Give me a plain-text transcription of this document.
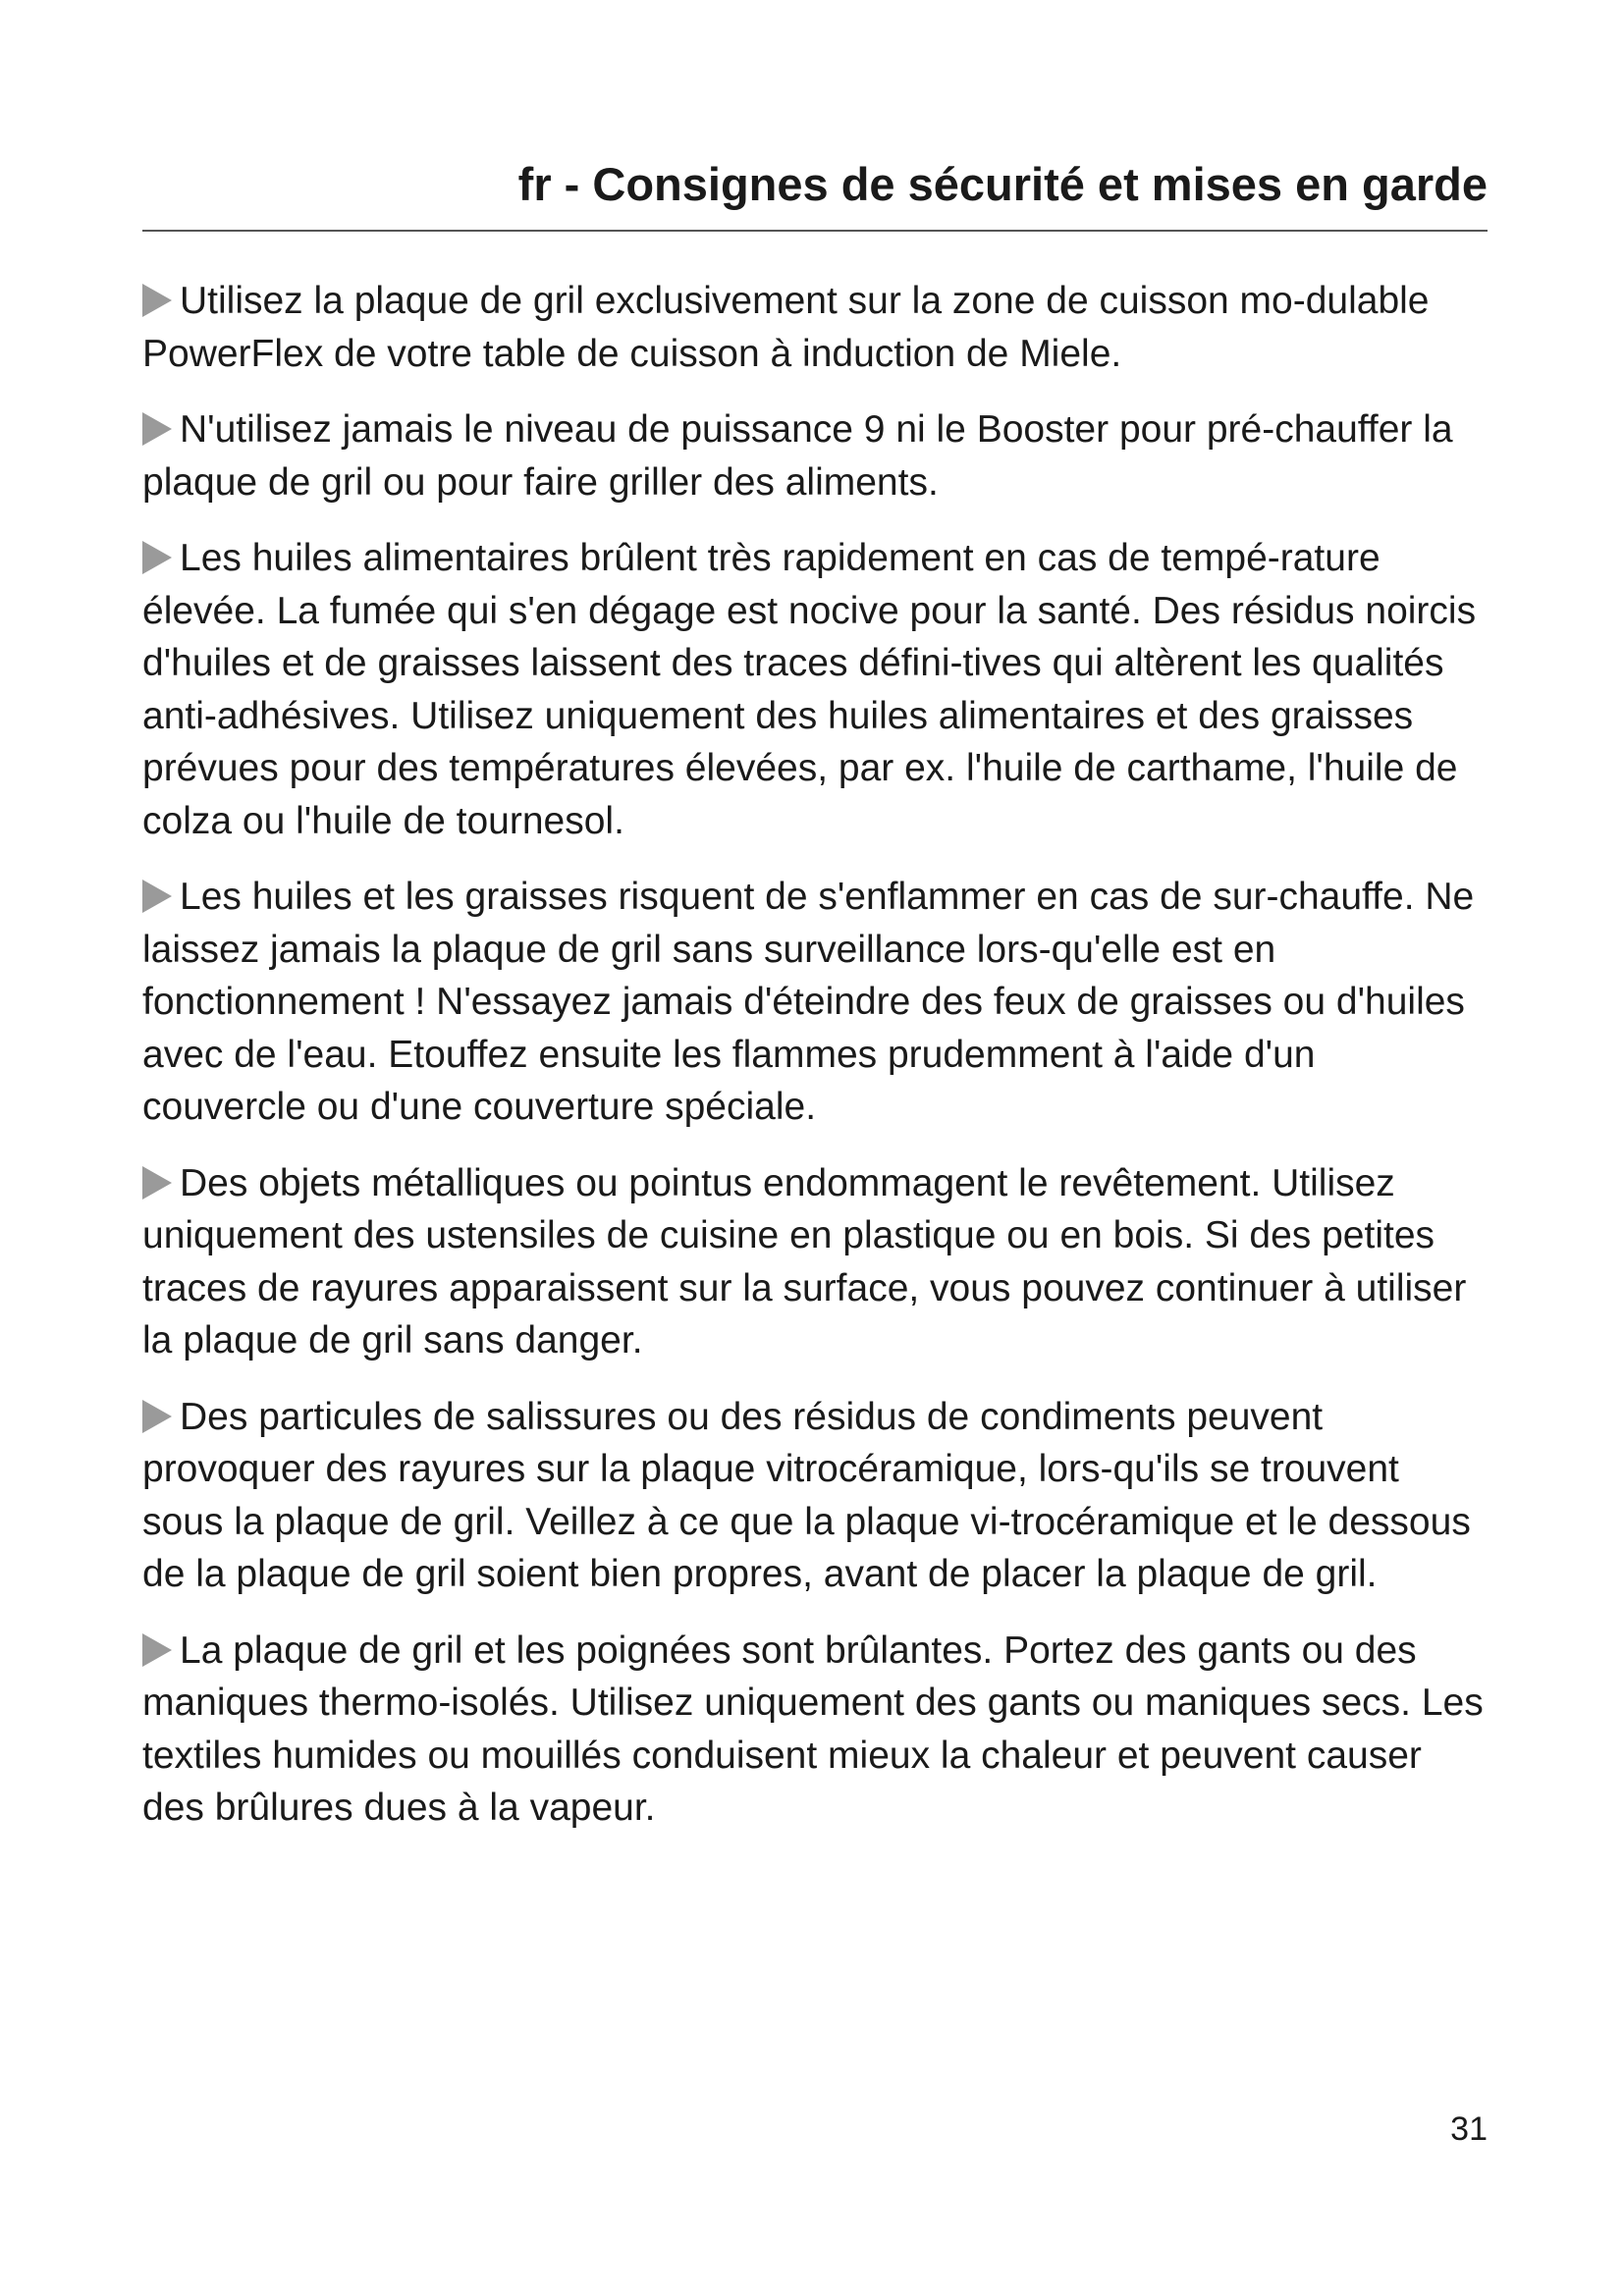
fr - Consignes de sécurité et mises en garde

Utilisez la plaque de gril exclusivement sur la zone de cuisson mo-dulable PowerFlex de votre table de cuisson à induction de Miele.

N'utilisez jamais le niveau de puissance 9 ni le Booster pour pré-chauffer la plaque de gril ou pour faire griller des aliments.

Les huiles alimentaires brûlent très rapidement en cas de tempé-rature élevée. La fumée qui s'en dégage est nocive pour la santé. Des résidus noircis d'huiles et de graisses laissent des traces défini-tives qui altèrent les qualités anti-adhésives. Utilisez uniquement des huiles alimentaires et des graisses prévues pour des températures élevées, par ex. l'huile de carthame, l'huile de colza ou l'huile de tournesol.

Les huiles et les graisses risquent de s'enflammer en cas de sur-chauffe. Ne laissez jamais la plaque de gril sans surveillance lors-qu'elle est en fonctionnement ! N'essayez jamais d'éteindre des feux de graisses ou d'huiles avec de l'eau. Etouffez ensuite les flammes prudemment à l'aide d'un couvercle ou d'une couverture spéciale.

Des objets métalliques ou pointus endommagent le revêtement. Utilisez uniquement des ustensiles de cuisine en plastique ou en bois. Si des petites traces de rayures apparaissent sur la surface, vous pouvez continuer à utiliser la plaque de gril sans danger.

Des particules de salissures ou des résidus de condiments peuvent provoquer des rayures sur la plaque vitrocéramique, lors-qu'ils se trouvent sous la plaque de gril. Veillez à ce que la plaque vi-trocéramique et le dessous de la plaque de gril soient bien propres, avant de placer la plaque de gril.

La plaque de gril et les poignées sont brûlantes. Portez des gants ou des maniques thermo-isolés. Utilisez uniquement des gants ou maniques secs. Les textiles humides ou mouillés conduisent mieux la chaleur et peuvent causer des brûlures dues à la vapeur.

31
